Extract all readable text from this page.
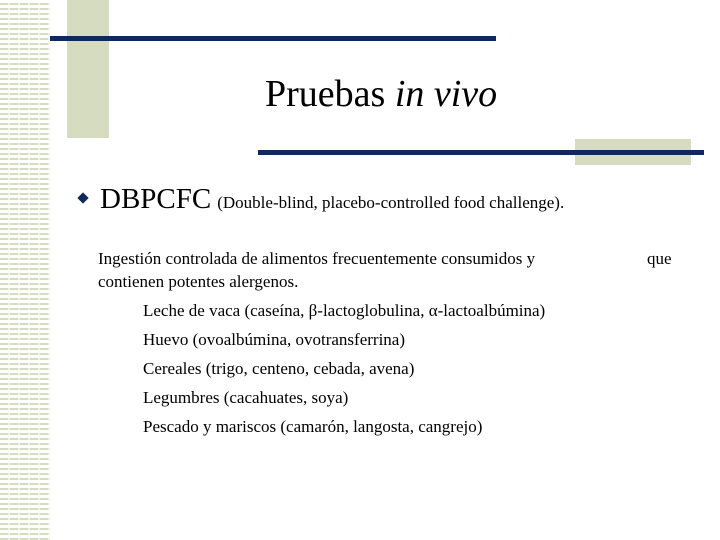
Pruebas in vivo
DBPCFC (Double-blind, placebo-controlled food challenge).
Ingestión controlada de alimentos frecuentemente consumidos y	que
contienen potentes alergenos.
Leche de vaca (caseína, β-lactoglobulina, α-lactoalbúmina)
Huevo (ovoalbúmina, ovotransferrina)
Cereales (trigo, centeno, cebada, avena)
Legumbres (cacahuates, soya)
Pescado y mariscos (camarón, langosta, cangrejo)
